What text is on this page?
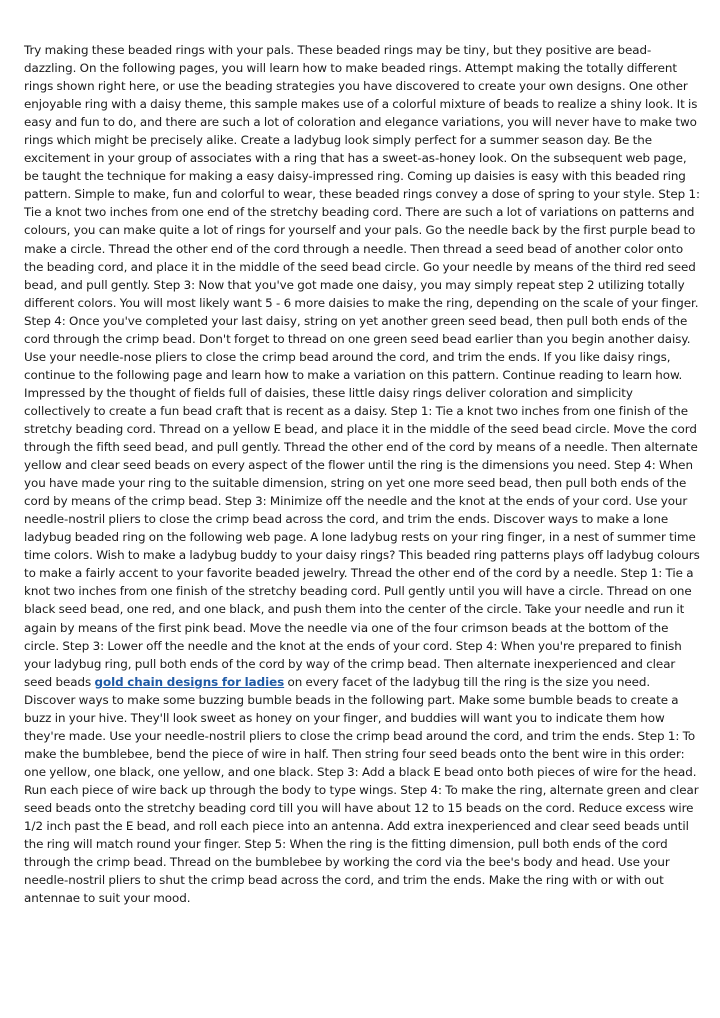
Try making these beaded rings with your pals. These beaded rings may be tiny, but they positive are bead-dazzling. On the following pages, you will learn how to make beaded rings. Attempt making the totally different rings shown right here, or use the beading strategies you have discovered to create your own designs. One other enjoyable ring with a daisy theme, this sample makes use of a colorful mixture of beads to realize a shiny look. It is easy and fun to do, and there are such a lot of coloration and elegance variations, you will never have to make two rings which might be precisely alike. Create a ladybug look simply perfect for a summer season day. Be the excitement in your group of associates with a ring that has a sweet-as-honey look. On the subsequent web page, be taught the technique for making a easy daisy-impressed ring. Coming up daisies is easy with this beaded ring pattern. Simple to make, fun and colorful to wear, these beaded rings convey a dose of spring to your style. Step 1: Tie a knot two inches from one end of the stretchy beading cord. There are such a lot of variations on patterns and colours, you can make quite a lot of rings for yourself and your pals. Go the needle back by the first purple bead to make a circle. Thread the other end of the cord through a needle. Then thread a seed bead of another color onto the beading cord, and place it in the middle of the seed bead circle. Go your needle by means of the third red seed bead, and pull gently. Step 3: Now that you've got made one daisy, you may simply repeat step 2 utilizing totally different colors. You will most likely want 5 - 6 more daisies to make the ring, depending on the scale of your finger. Step 4: Once you've completed your last daisy, string on yet another green seed bead, then pull both ends of the cord through the crimp bead. Don't forget to thread on one green seed bead earlier than you begin another daisy. Use your needle-nose pliers to close the crimp bead around the cord, and trim the ends. If you like daisy rings, continue to the following page and learn how to make a variation on this pattern. Continue reading to learn how. Impressed by the thought of fields full of daisies, these little daisy rings deliver coloration and simplicity collectively to create a fun bead craft that is recent as a daisy. Step 1: Tie a knot two inches from one finish of the stretchy beading cord. Thread on a yellow E bead, and place it in the middle of the seed bead circle. Move the cord through the fifth seed bead, and pull gently. Thread the other end of the cord by means of a needle. Then alternate yellow and clear seed beads on every aspect of the flower until the ring is the dimensions you need. Step 4: When you have made your ring to the suitable dimension, string on yet one more seed bead, then pull both ends of the cord by means of the crimp bead. Step 3: Minimize off the needle and the knot at the ends of your cord. Use your needle-nostril pliers to close the crimp bead across the cord, and trim the ends. Discover ways to make a lone ladybug beaded ring on the following web page. A lone ladybug rests on your ring finger, in a nest of summer time time colors. Wish to make a ladybug buddy to your daisy rings? This beaded ring patterns plays off ladybug colours to make a fairly accent to your favorite beaded jewelry. Thread the other end of the cord by a needle. Step 1: Tie a knot two inches from one finish of the stretchy beading cord. Pull gently until you will have a circle. Thread on one black seed bead, one red, and one black, and push them into the center of the circle. Take your needle and run it again by means of the first pink bead. Move the needle via one of the four crimson beads at the bottom of the circle. Step 3: Lower off the needle and the knot at the ends of your cord. Step 4: When you're prepared to finish your ladybug ring, pull both ends of the cord by way of the crimp bead. Then alternate inexperienced and clear seed beads gold chain designs for ladies on every facet of the ladybug till the ring is the size you need. Discover ways to make some buzzing bumble beads in the following part. Make some bumble beads to create a buzz in your hive. They'll look sweet as honey on your finger, and buddies will want you to indicate them how they're made. Use your needle-nostril pliers to close the crimp bead around the cord, and trim the ends. Step 1: To make the bumblebee, bend the piece of wire in half. Then string four seed beads onto the bent wire in this order: one yellow, one black, one yellow, and one black. Step 3: Add a black E bead onto both pieces of wire for the head. Run each piece of wire back up through the body to type wings. Step 4: To make the ring, alternate green and clear seed beads onto the stretchy beading cord till you will have about 12 to 15 beads on the cord. Reduce excess wire 1/2 inch past the E bead, and roll each piece into an antenna. Add extra inexperienced and clear seed beads until the ring will match round your finger. Step 5: When the ring is the fitting dimension, pull both ends of the cord through the crimp bead. Thread on the bumblebee by working the cord via the bee's body and head. Use your needle-nostril pliers to shut the crimp bead across the cord, and trim the ends. Make the ring with or with out antennae to suit your mood.
